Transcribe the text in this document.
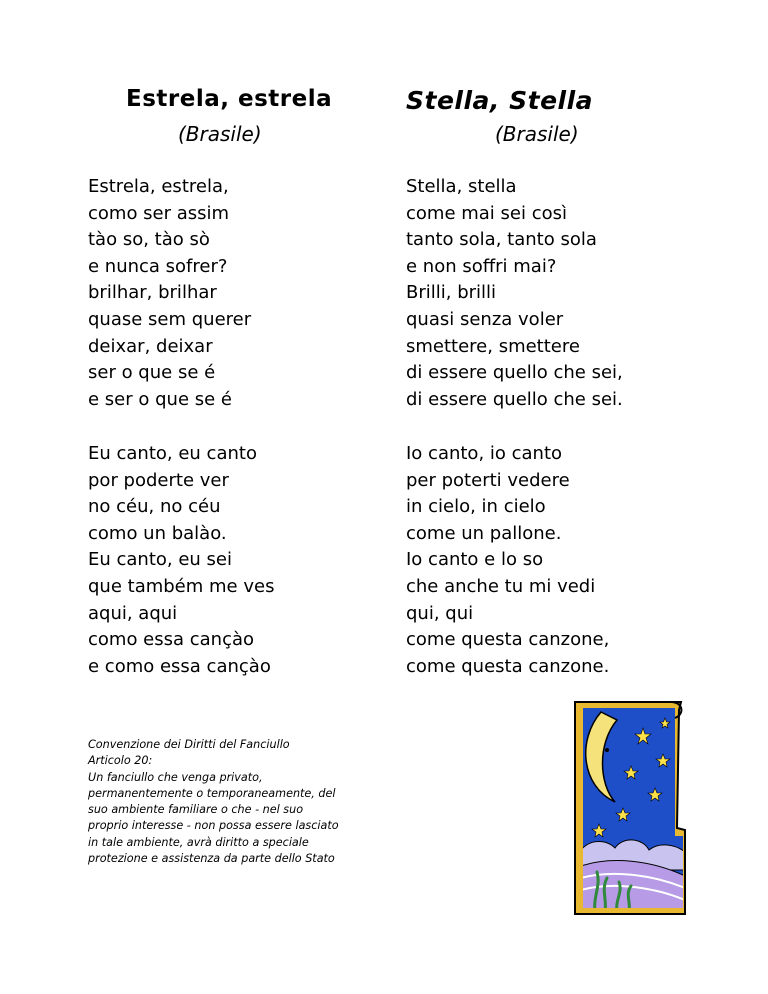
Estrela, estrela
(Brasile)
Stella, Stella
(Brasile)
Estrela, estrela,
como ser assim
tào so, tào sò
e nunca sofrer?
brilhar, brilhar
quase sem querer
deixar, deixar
ser o que se é
e ser o que se é
Stella, stella
come mai sei così
tanto sola, tanto sola
e non soffri mai?
Brilli, brilli
quasi senza voler
smettere, smettere
di essere quello che sei,
di essere quello che sei.
Eu canto, eu canto
por poderte ver
no céu, no céu
como un balào.
Eu canto, eu sei
que também me ves
aqui, aqui
como essa cançào
e como essa cançào
Io canto, io canto
per poterti vedere
in cielo, in cielo
come un pallone.
Io canto e lo so
che anche tu mi vedi
qui, qui
come questa canzone,
come questa canzone.
Convenzione dei Diritti del Fanciullo
Articolo 20:
Un fanciullo che venga privato,
permanentemente o temporaneamente, del
suo ambiente familiare o che - nel suo
proprio interesse - non possa essere lasciato
in tale ambiente, avrà diritto a speciale
protezione e assistenza da parte dello Stato
